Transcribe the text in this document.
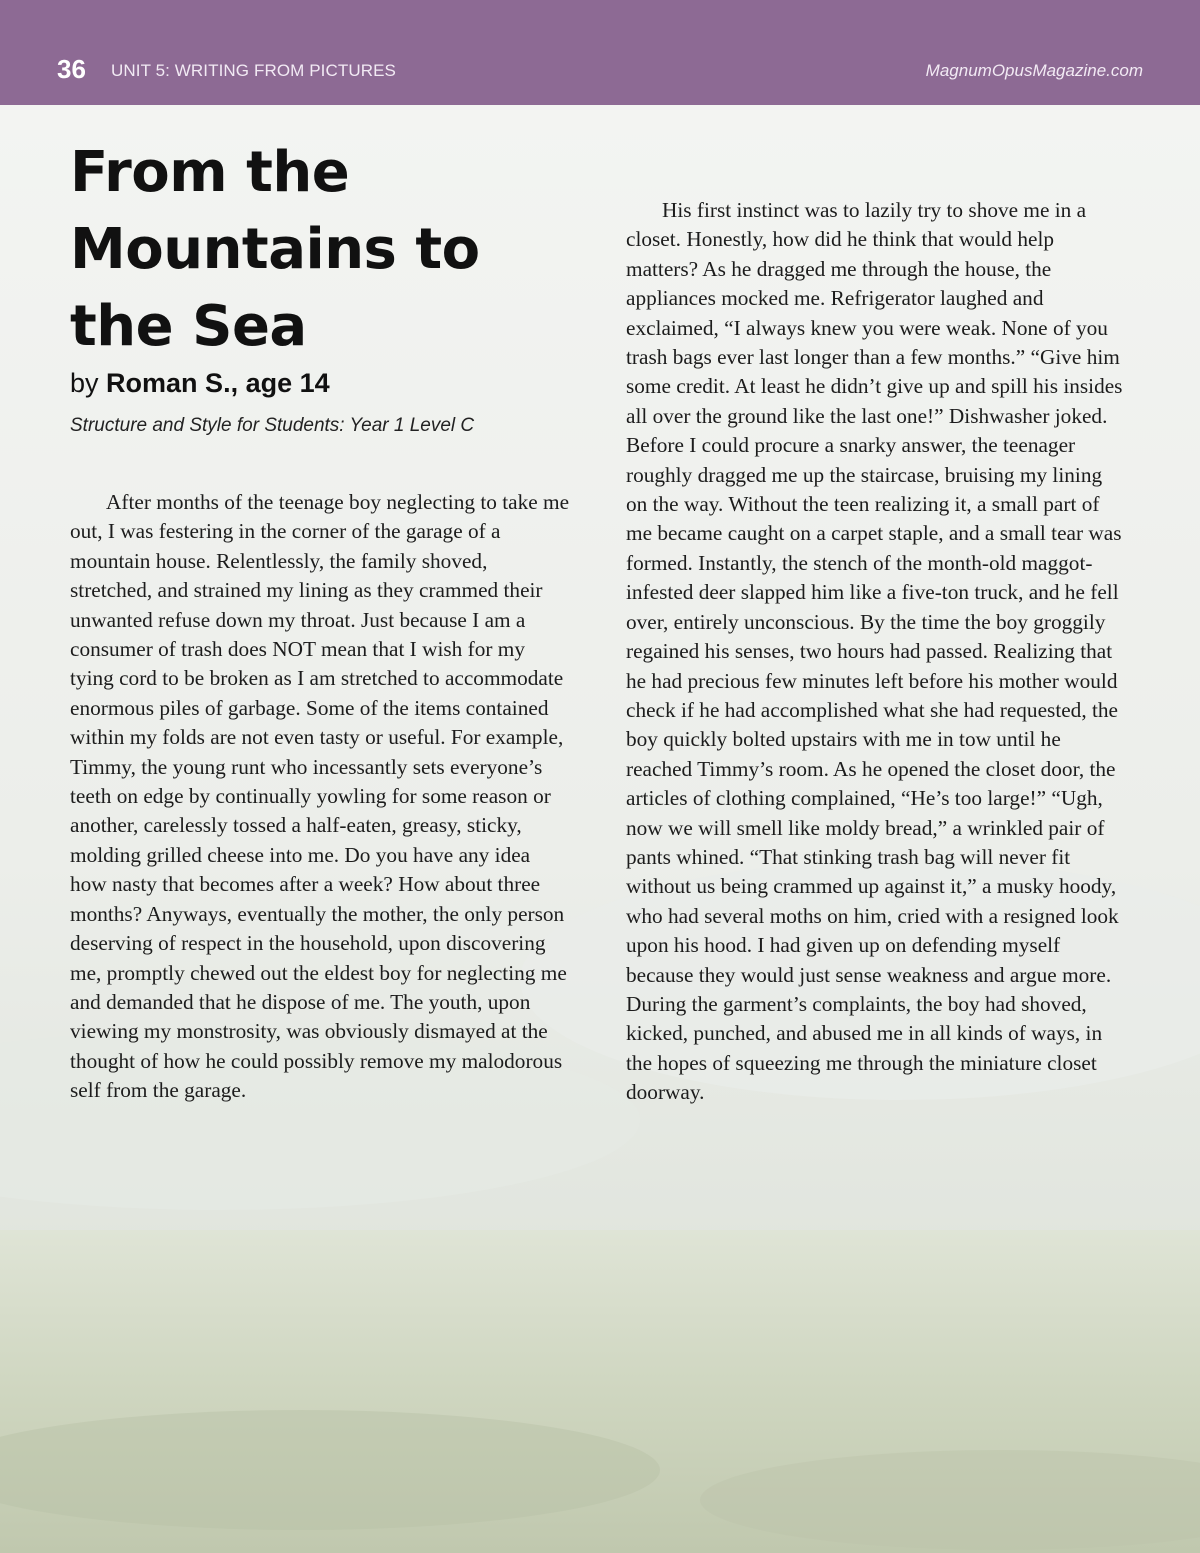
36 UNIT 5: WRITING FROM PICTURES	MagnumOpusMagazine.com
From the Mountains to the Sea
by Roman S., age 14
Structure and Style for Students: Year 1 Level C

After months of the teenage boy neglecting to take me out, I was festering in the corner of the garage of a mountain house. Relentlessly, the family shoved, stretched, and strained my lining as they crammed their unwanted refuse down my throat. Just because I am a consumer of trash does NOT mean that I wish for my tying cord to be broken as I am stretched to accommodate enormous piles of garbage. Some of the items contained within my folds are not even tasty or useful. For example, Timmy, the young runt who incessantly sets everyone’s teeth on edge by continually yowling for some reason or another, carelessly tossed a half-eaten, greasy, sticky, molding grilled cheese into me. Do you have any idea how nasty that becomes after a week? How about three months? Anyways, eventually the mother, the only person deserving of respect in the household, upon discovering me, promptly chewed out the eldest boy for neglecting me and demanded that he dispose of me. The youth, upon viewing my monstrosity, was obviously dismayed at the thought of how he could possibly remove my malodorous self from the garage.

His first instinct was to lazily try to shove me in a closet. Honestly, how did he think that would help matters? As he dragged me through the house, the appliances mocked me. Refrigerator laughed and exclaimed, “I always knew you were weak. None of you trash bags ever last longer than a few months.” “Give him some credit. At least he didn’t give up and spill his insides all over the ground like the last one!” Dishwasher joked. Before I could procure a snarky answer, the teenager roughly dragged me up the staircase, bruising my lining on the way. Without the teen realizing it, a small part of me became caught on a carpet staple, and a small tear was formed. Instantly, the stench of the month-old maggot-infested deer slapped him like a five-ton truck, and he fell over, entirely unconscious. By the time the boy groggily regained his senses, two hours had passed. Realizing that he had precious few minutes left before his mother would check if he had accomplished what she had requested, the boy quickly bolted upstairs with me in tow until he reached Timmy’s room. As he opened the closet door, the articles of clothing complained, “He’s too large!” “Ugh, now we will smell like moldy bread,” a wrinkled pair of pants whined. “That stinking trash bag will never fit without us being crammed up against it,” a musky hoody, who had several moths on him, cried with a resigned look upon his hood. I had given up on defending myself because they would just sense weakness and argue more. During the garment’s complaints, the boy had shoved, kicked, punched, and abused me in all kinds of ways, in the hopes of squeezing me through the miniature closet doorway.
